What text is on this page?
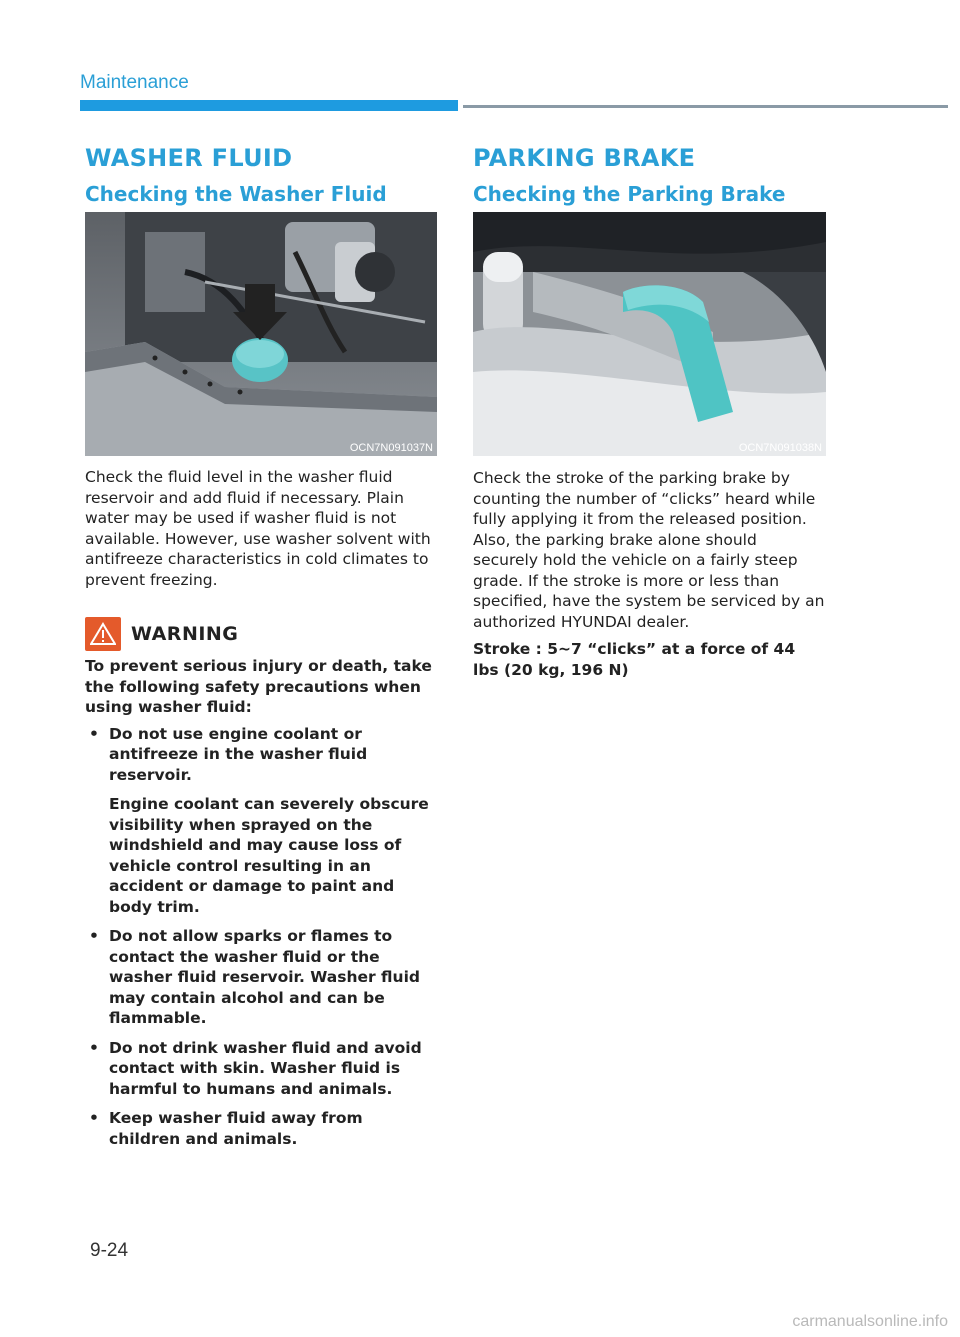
Maintenance
WASHER FLUID
Checking the Washer Fluid
OCN7N091037N

Check the fluid level in the washer fluid reservoir and add fluid if necessary. Plain water may be used if washer fluid is not available. However, use washer solvent with antifreeze characteristics in cold climates to prevent freezing.

WARNING

To prevent serious injury or death, take the following safety precautions when using washer fluid:

• Do not use engine coolant or antifreeze in the washer fluid reservoir.
Engine coolant can severely obscure visibility when sprayed on the windshield and may cause loss of vehicle control resulting in an accident or damage to paint and body trim.
• Do not allow sparks or flames to contact the washer fluid or the washer fluid reservoir. Washer fluid may contain alcohol and can be flammable.
• Do not drink washer fluid and avoid contact with skin. Washer fluid is harmful to humans and animals.
• Keep washer fluid away from children and animals.
PARKING BRAKE
Checking the Parking Brake
OCN7N091038N

Check the stroke of the parking brake by counting the number of “clicks” heard while fully applying it from the released position. Also, the parking brake alone should securely hold the vehicle on a fairly steep grade. If the stroke is more or less than specified, have the system be serviced by an authorized HYUNDAI dealer.

Stroke : 5~7 “clicks” at a force of 44 lbs (20 kg, 196 N)

9-24
carmanualsonline.info
